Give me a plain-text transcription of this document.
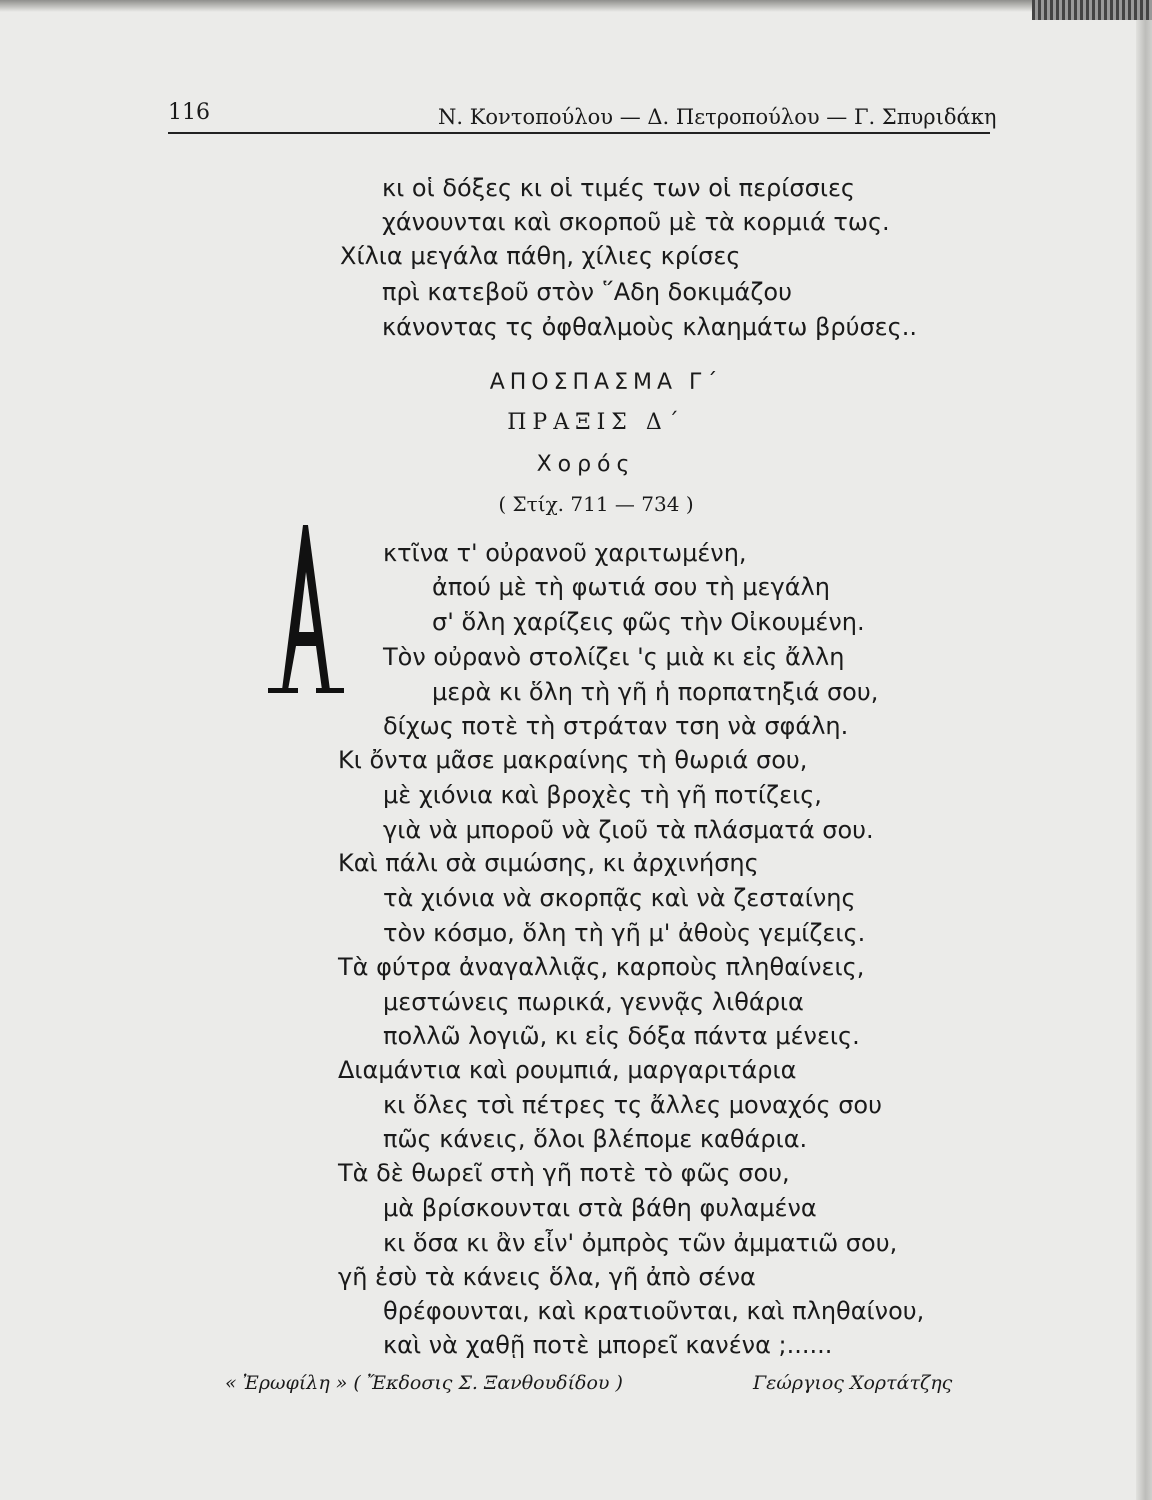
116	Ν. Κοντοπούλου — Δ. Πετροπούλου — Γ. Σπυριδάκη
κι οἱ δόξες κι οἱ τιμές των οἱ περίσσιες
χάνουνται καὶ σκορποῦ μὲ τὰ κορμιά τως.
Χίλια μεγάλα πάθη, χίλιες κρίσες
πρὶ κατεβοῦ στὸν ῞Αδη δοκιμάζου
κάνοντας τς ὀφθαλμοὺς κλαημάτω βρύσες..
ΑΠΟΣΠΑΣΜΑ Γ΄
ΠΡΑΞΙΣ Δ΄
Χορός
( Στίχ. 711 — 734 )
Α
κτῖνα τ' οὐρανοῦ χαριτωμένη,
ἀπού μὲ τὴ φωτιά σου τὴ μεγάλη
σ' ὅλη χαρίζεις φῶς τὴν Οἰκουμένη.
Τὸν οὐρανὸ στολίζει 'ς μιὰ κι εἰς ἄλλη
μερὰ κι ὅλη τὴ γῆ ἡ πορπατηξιά σου,
δίχως ποτὲ τὴ στράταν τση νὰ σφάλη.
Κι ὄντα μᾶσε μακραίνης τὴ θωριά σου,
μὲ χιόνια καὶ βροχὲς τὴ γῆ ποτίζεις,
γιὰ νὰ μποροῦ νὰ ζιοῦ τὰ πλάσματά σου.
Καὶ πάλι σὰ σιμώσης, κι ἀρχινήσης
τὰ χιόνια νὰ σκορπᾷς καὶ νὰ ζεσταίνης
τὸν κόσμο, ὅλη τὴ γῆ μ' ἀθοὺς γεμίζεις.
Τὰ φύτρα ἀναγαλλιᾷς, καρποὺς πληθαίνεις,
μεστώνεις πωρικά, γεννᾷς λιθάρια
πολλῶ λογιῶ, κι εἰς δόξα πάντα μένεις.
Διαμάντια καὶ ρουμπιά, μαργαριτάρια
κι ὅλες τσὶ πέτρες τς ἄλλες μοναχός σου
πῶς κάνεις, ὅλοι βλέπομε καθάρια.
Τὰ δὲ θωρεῖ στὴ γῆ ποτὲ τὸ φῶς σου,
μὰ βρίσκουνται στὰ βάθη φυλαμένα
κι ὅσα κι ἂν εἶν' ὀμπρὸς τῶν ἀμματιῶ σου,
γῆ ἐσὺ τὰ κάνεις ὅλα, γῆ ἀπὸ σένα
θρέφουνται, καὶ κρατιοῦνται, καὶ πληθαίνου,
καὶ νὰ χαθῇ ποτὲ μπορεῖ κανένα ;......
« Ἐρωφίλη » ( Ἔκδοσις Σ. Ξανθουδίδου )	Γεώργιος Χορτάτζης
